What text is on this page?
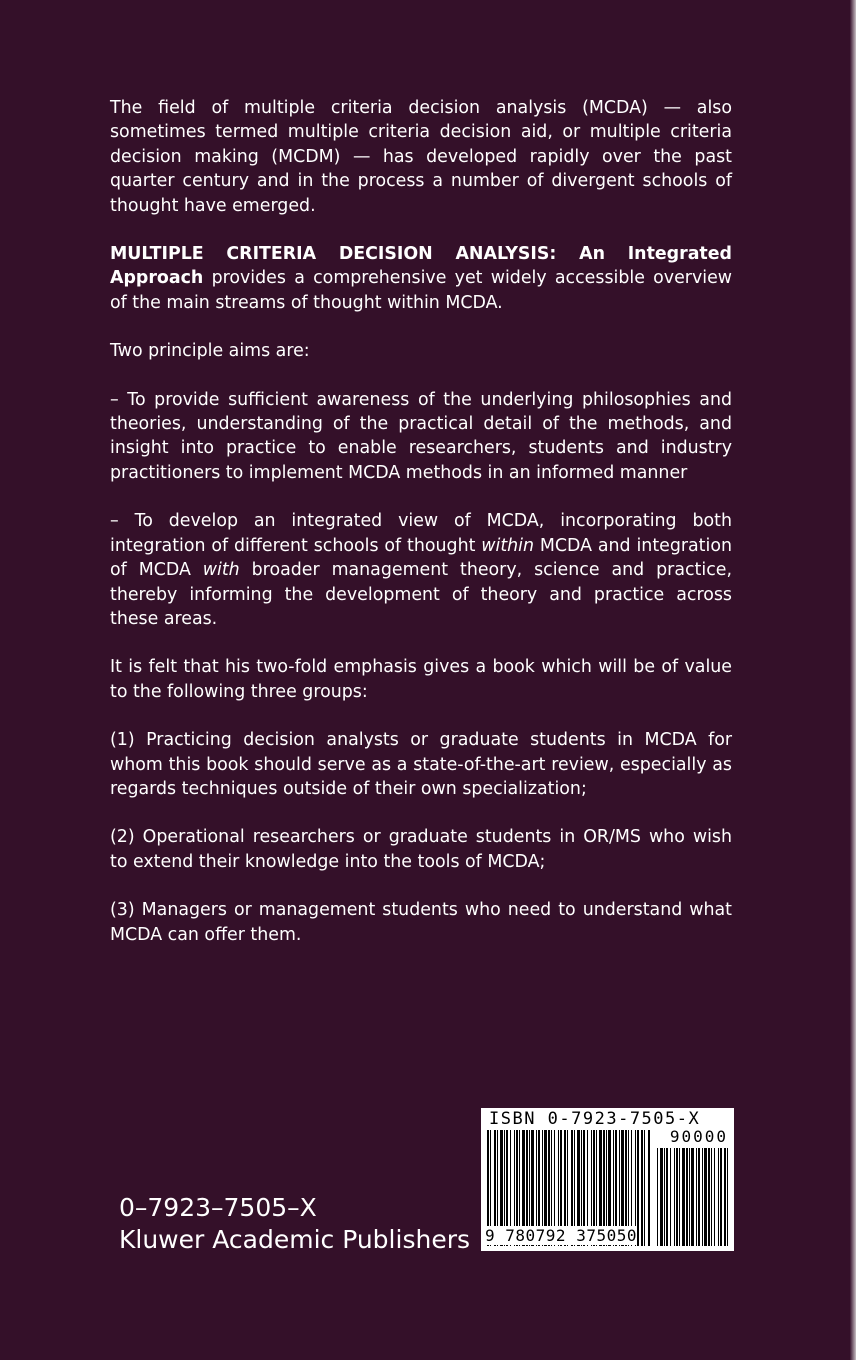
The field of multiple criteria decision analysis (MCDA) — also sometimes termed multiple criteria decision aid, or multiple criteria decision making (MCDM) — has developed rapidly over the past quarter century and in the process a number of divergent schools of thought have emerged.

MULTIPLE CRITERIA DECISION ANALYSIS: An Integrated Approach provides a comprehensive yet widely accessible overview of the main streams of thought within MCDA.

Two principle aims are:

– To provide sufficient awareness of the underlying philosophies and theories, understanding of the practical detail of the methods, and insight into practice to enable researchers, students and industry practitioners to implement MCDA methods in an informed manner

– To develop an integrated view of MCDA, incorporating both integration of different schools of thought within MCDA and integration of MCDA with broader management theory, science and practice, thereby informing the development of theory and practice across these areas.

It is felt that his two-fold emphasis gives a book which will be of value to the following three groups:

(1) Practicing decision analysts or graduate students in MCDA for whom this book should serve as a state-of-the-art review, especially as regards techniques outside of their own specialization;

(2) Operational researchers or graduate students in OR/MS who wish to extend their knowledge into the tools of MCDA;

(3) Managers or management students who need to understand what MCDA can offer them.

0–7923–7505–X
Kluwer Academic Publishers
ISBN 0-7923-7505-X
90000
9 780792 375050
